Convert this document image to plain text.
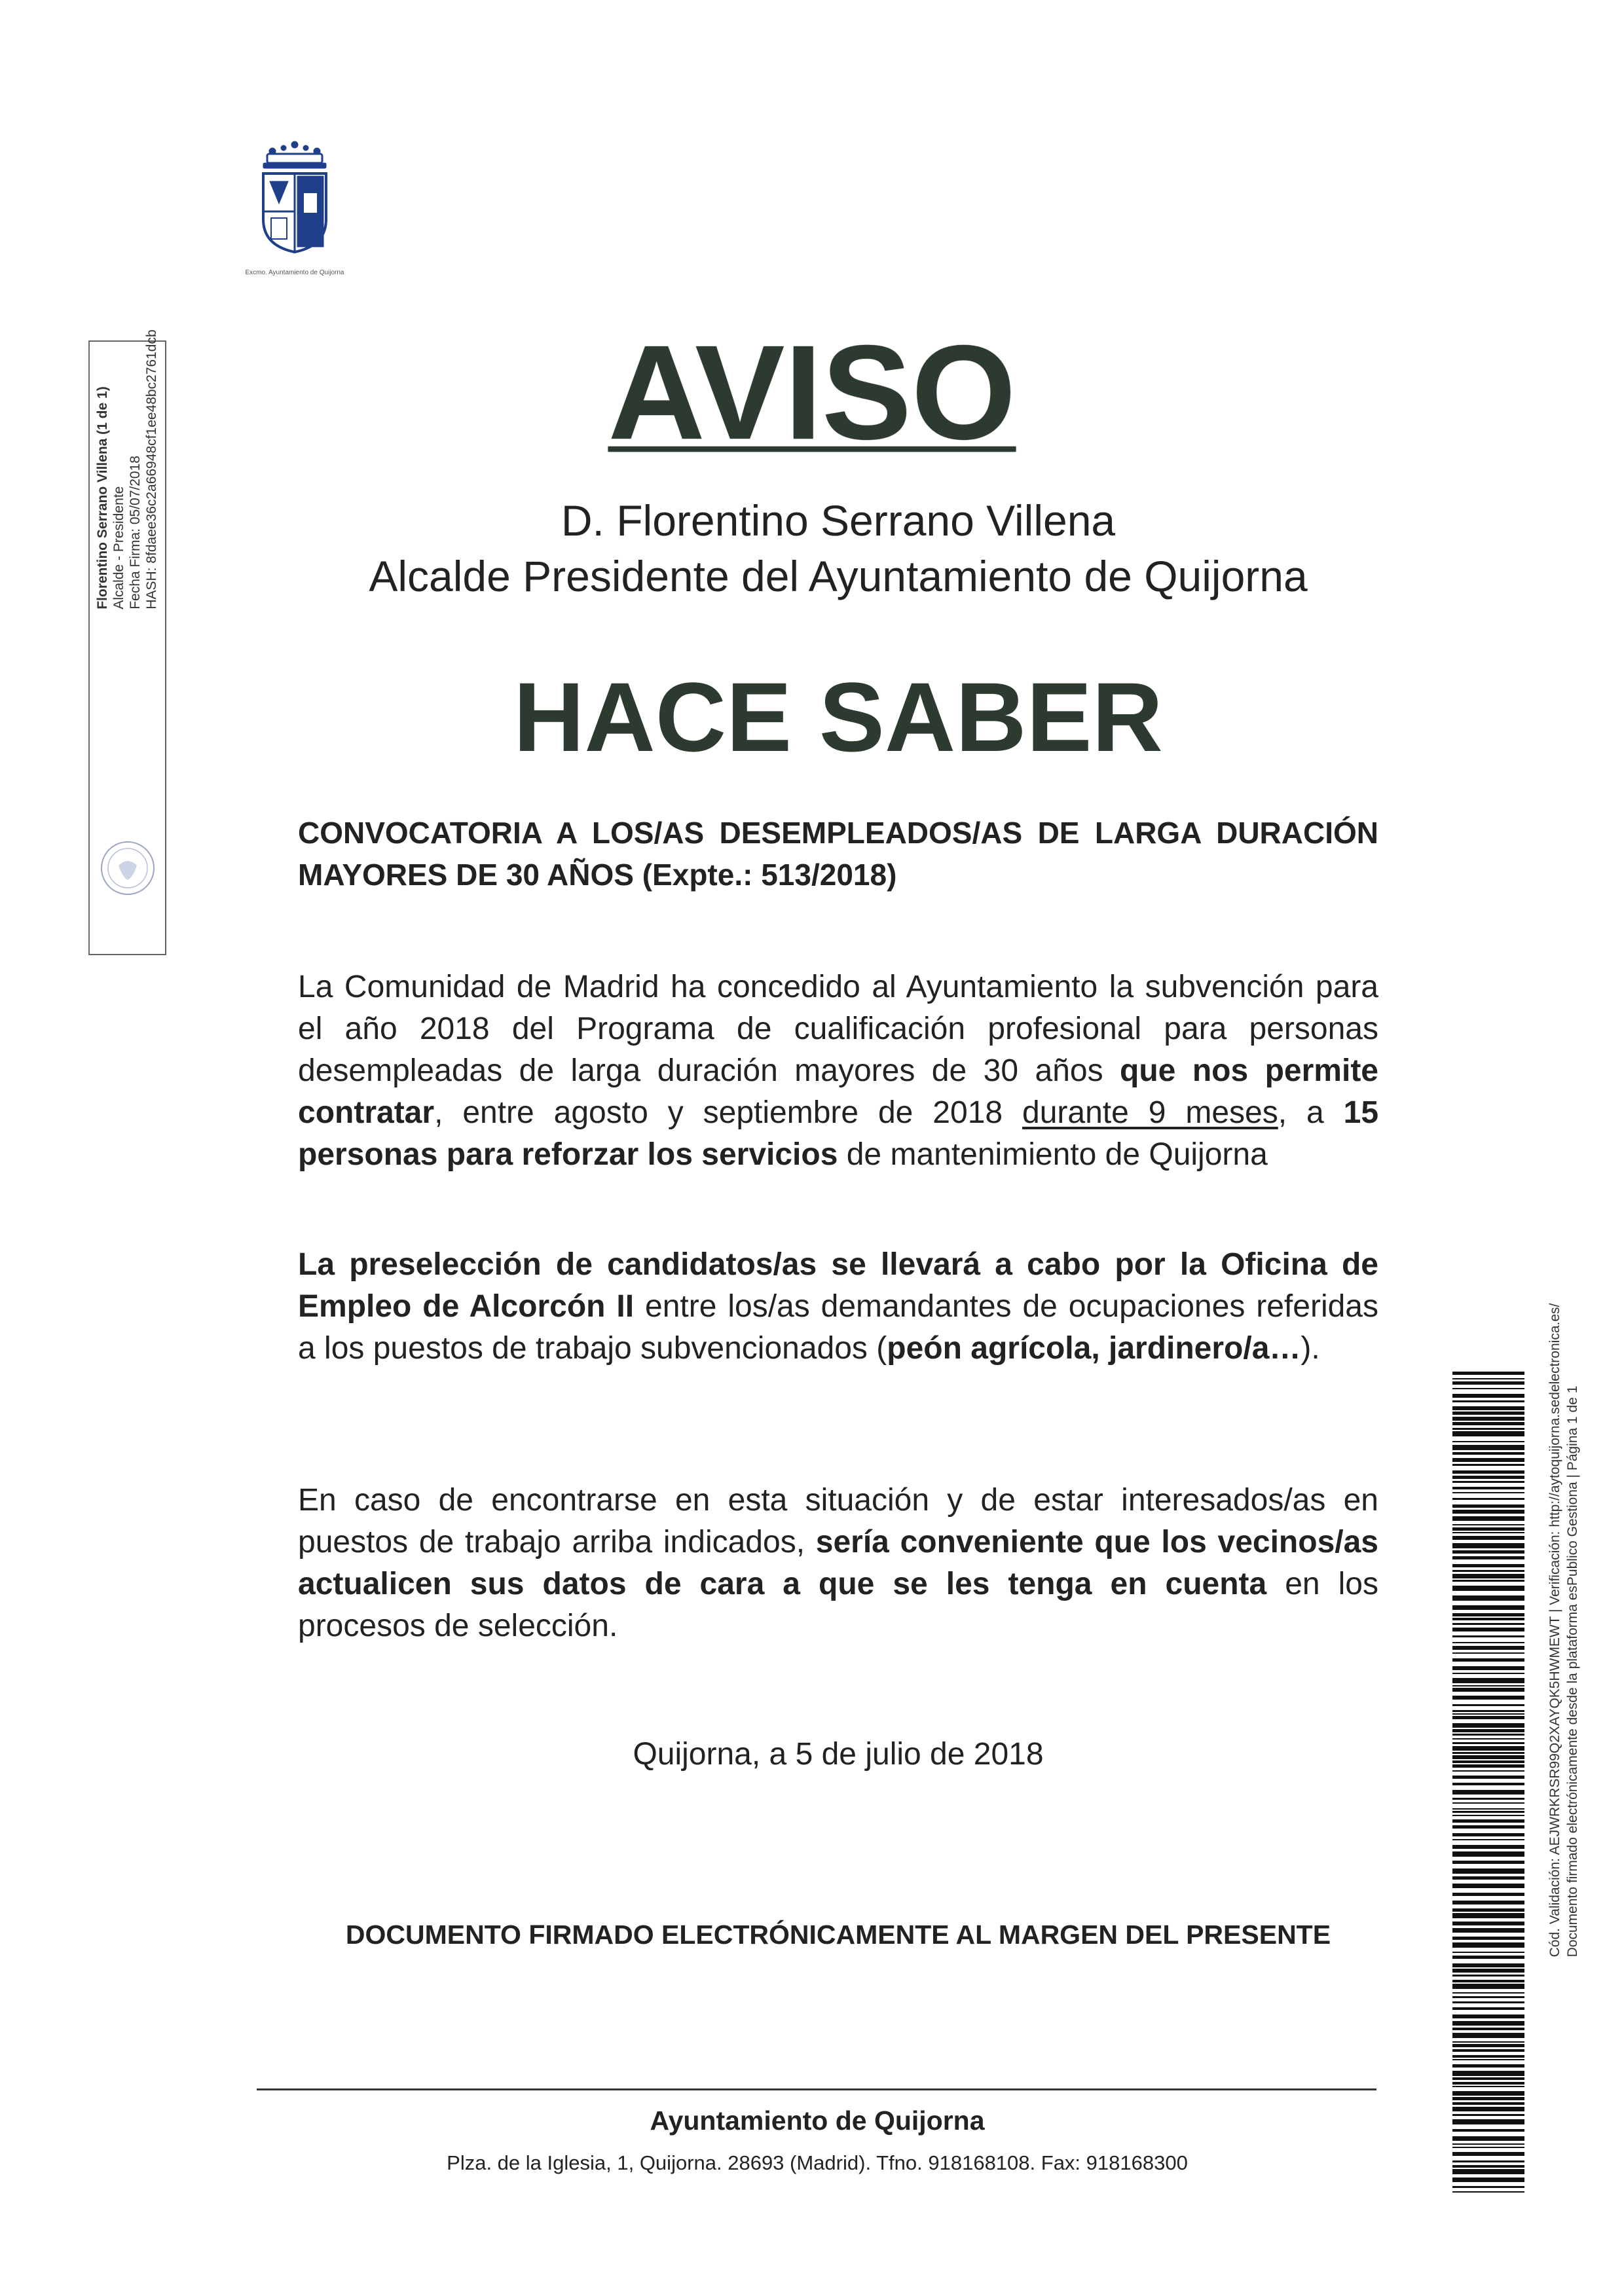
Excmo. Ayuntamiento de Quijorna
Florentino Serrano Villena (1 de 1) Alcalde - Presidente Fecha Firma: 05/07/2018 HASH: 8fdaee36c2a66948cf1ee48bc2761dcb	AVISO
D. Florentino Serrano Villena
Alcalde Presidente del Ayuntamiento de Quijorna
HACE SABER
CONVOCATORIA A LOS/AS DESEMPLEADOS/AS DE LARGA DURACIÓN MAYORES DE 30 AÑOS (Expte.: 513/2018)
La Comunidad de Madrid ha concedido al Ayuntamiento la subvención para el año 2018 del Programa de cualificación profesional para personas desempleadas de larga duración mayores de 30 años que nos permite contratar, entre agosto y septiembre de 2018 durante 9 meses, a 15 personas para reforzar los servicios de mantenimiento de Quijorna
La preselección de candidatos/as se llevará a cabo por la Oficina de Empleo de Alcorcón II entre los/as demandantes de ocupaciones referidas a los puestos de trabajo subvencionados (peón agrícola, jardinero/a…).
En caso de encontrarse en esta situación y de estar interesados/as en puestos de trabajo arriba indicados, sería conveniente que los vecinos/as actualicen sus datos de cara a que se les tenga en cuenta en los procesos de selección.
Quijorna, a 5 de julio de 2018
DOCUMENTO FIRMADO ELECTRÓNICAMENTE AL MARGEN DEL PRESENTE
Ayuntamiento de Quijorna
Plza. de la Iglesia, 1, Quijorna. 28693 (Madrid). Tfno. 918168108. Fax: 918168300
Cód. Validación: AEJWRKRSR99Q2XAYQK5HWMEWT | Verificación: http://aytoquijorna.sedelectronica.es/ Documento firmado electrónicamente desde la plataforma esPublico Gestiona | Página 1 de 1
